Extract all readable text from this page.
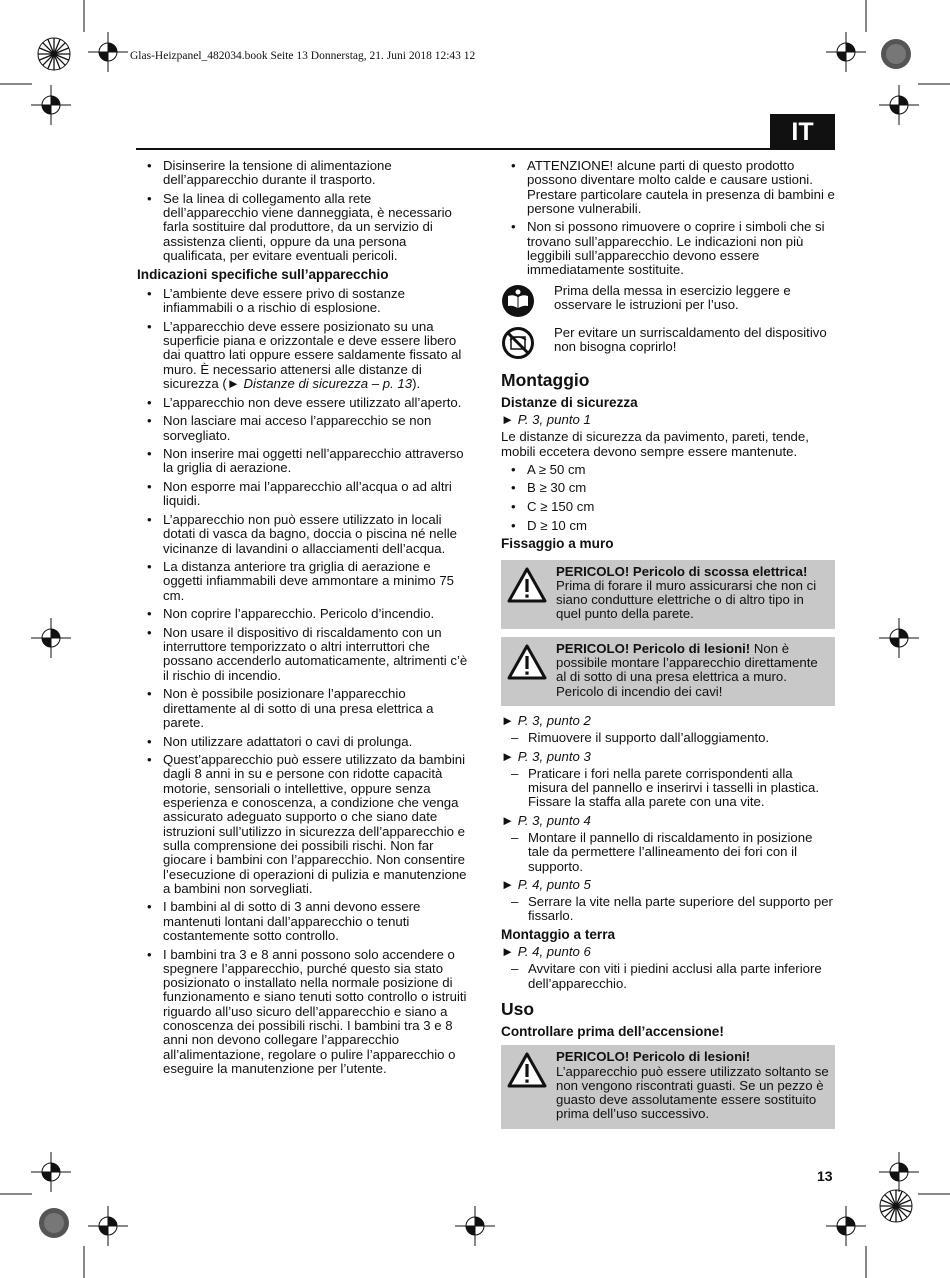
Glas-Heizpanel_482034.book Seite 13 Donnerstag, 21. Juni 2018 12:43 12
IT
• Disinserire la tensione di alimentazione dell’apparecchio durante il trasporto.
• Se la linea di collegamento alla rete dell’apparecchio viene danneggiata, è necessario farla sostituire dal produttore, da un servizio di assistenza clienti, oppure da una persona qualificata, per evitare eventuali pericoli.
Indicazioni specifiche sull’apparecchio
• L’ambiente deve essere privo di sostanze infiammabili o a rischio di esplosione.
• L’apparecchio deve essere posizionato su una superficie piana e orizzontale e deve essere libero dai quattro lati oppure essere saldamente fissato al muro. È necessario attenersi alle distanze di sicurezza (► Distanze di sicurezza – p. 13).
• L’apparecchio non deve essere utilizzato all’aperto.
• Non lasciare mai acceso l’apparecchio se non sorvegliato.
• Non inserire mai oggetti nell’apparecchio attraverso la griglia di aerazione.
• Non esporre mai l’apparecchio all’acqua o ad altri liquidi.
• L’apparecchio non può essere utilizzato in locali dotati di vasca da bagno, doccia o piscina né nelle vicinanze di lavandini o allacciamenti dell’acqua.
• La distanza anteriore tra griglia di aerazione e oggetti infiammabili deve ammontare a minimo 75 cm.
• Non coprire l’apparecchio. Pericolo d’incendio.
• Non usare il dispositivo di riscaldamento con un interruttore temporizzato o altri interruttori che possano accenderlo automaticamente, altrimenti c’è il rischio di incendio.
• Non è possibile posizionare l’apparecchio direttamente al di sotto di una presa elettrica a parete.
• Non utilizzare adattatori o cavi di prolunga.
• Quest’apparecchio può essere utilizzato da bambini dagli 8 anni in su e persone con ridotte capacità motorie, sensoriali o intellettive, oppure senza esperienza e conoscenza, a condizione che venga assicurato adeguato supporto o che siano date istruzioni sull’utilizzo in sicurezza dell’apparecchio e sulla comprensione dei possibili rischi. Non far giocare i bambini con l’apparecchio. Non consentire l’esecuzione di operazioni di pulizia e manutenzione a bambini non sorvegliati.
• I bambini al di sotto di 3 anni devono essere mantenuti lontani dall’apparecchio o tenuti costantemente sotto controllo.
• I bambini tra 3 e 8 anni possono solo accendere o spegnere l’apparecchio, purché questo sia stato posizionato o installato nella normale posizione di funzionamento e siano tenuti sotto controllo o istruiti riguardo all’uso sicuro dell’apparecchio e siano a conoscenza dei possibili rischi. I bambini tra 3 e 8 anni non devono collegare l’apparecchio all’alimentazione, regolare o pulire l’apparecchio o eseguire la manutenzione per l’utente.
• ATTENZIONE! alcune parti di questo prodotto possono diventare molto calde e causare ustioni. Prestare particolare cautela in presenza di bambini e persone vulnerabili.
• Non si possono rimuovere o coprire i simboli che si trovano sull’apparecchio. Le indicazioni non più leggibili sull’apparecchio devono essere immediatamente sostituite.
Prima della messa in esercizio leggere e osservare le istruzioni per l’uso.
Per evitare un surriscaldamento del dispositivo non bisogna coprirlo!
Montaggio
Distanze di sicurezza
► P. 3, punto 1

Le distanze di sicurezza da pavimento, pareti, tende, mobili eccetera devono sempre essere mantenute.

• A ≥ 50 cm
• B ≥ 30 cm
• C ≥ 150 cm
• D ≥ 10 cm
Fissaggio a muro
PERICOLO! Pericolo di scossa elettrica! Prima di forare il muro assicurarsi che non ci siano condutture elettriche o di altro tipo in quel punto della parete.
PERICOLO! Pericolo di lesioni! Non è possibile montare l’apparecchio direttamente al di sotto di una presa elettrica a muro. Pericolo di incendio dei cavi!
► P. 3, punto 2
– Rimuovere il supporto dall’alloggiamento.
► P. 3, punto 3
– Praticare i fori nella parete corrispondenti alla misura del pannello e inserirvi i tasselli in plastica. Fissare la staffa alla parete con una vite.
► P. 3, punto 4
– Montare il pannello di riscaldamento in posizione tale da permettere l’allineamento dei fori con il supporto.
► P. 4, punto 5
– Serrare la vite nella parte superiore del supporto per fissarlo.
Montaggio a terra
► P. 4, punto 6
– Avvitare con viti i piedini acclusi alla parte inferiore dell’apparecchio.
Uso
Controllare prima dell’accensione!
PERICOLO! Pericolo di lesioni! L’apparecchio può essere utilizzato soltanto se non vengono riscontrati guasti. Se un pezzo è guasto deve assolutamente essere sostituito prima dell’uso successivo.
13
